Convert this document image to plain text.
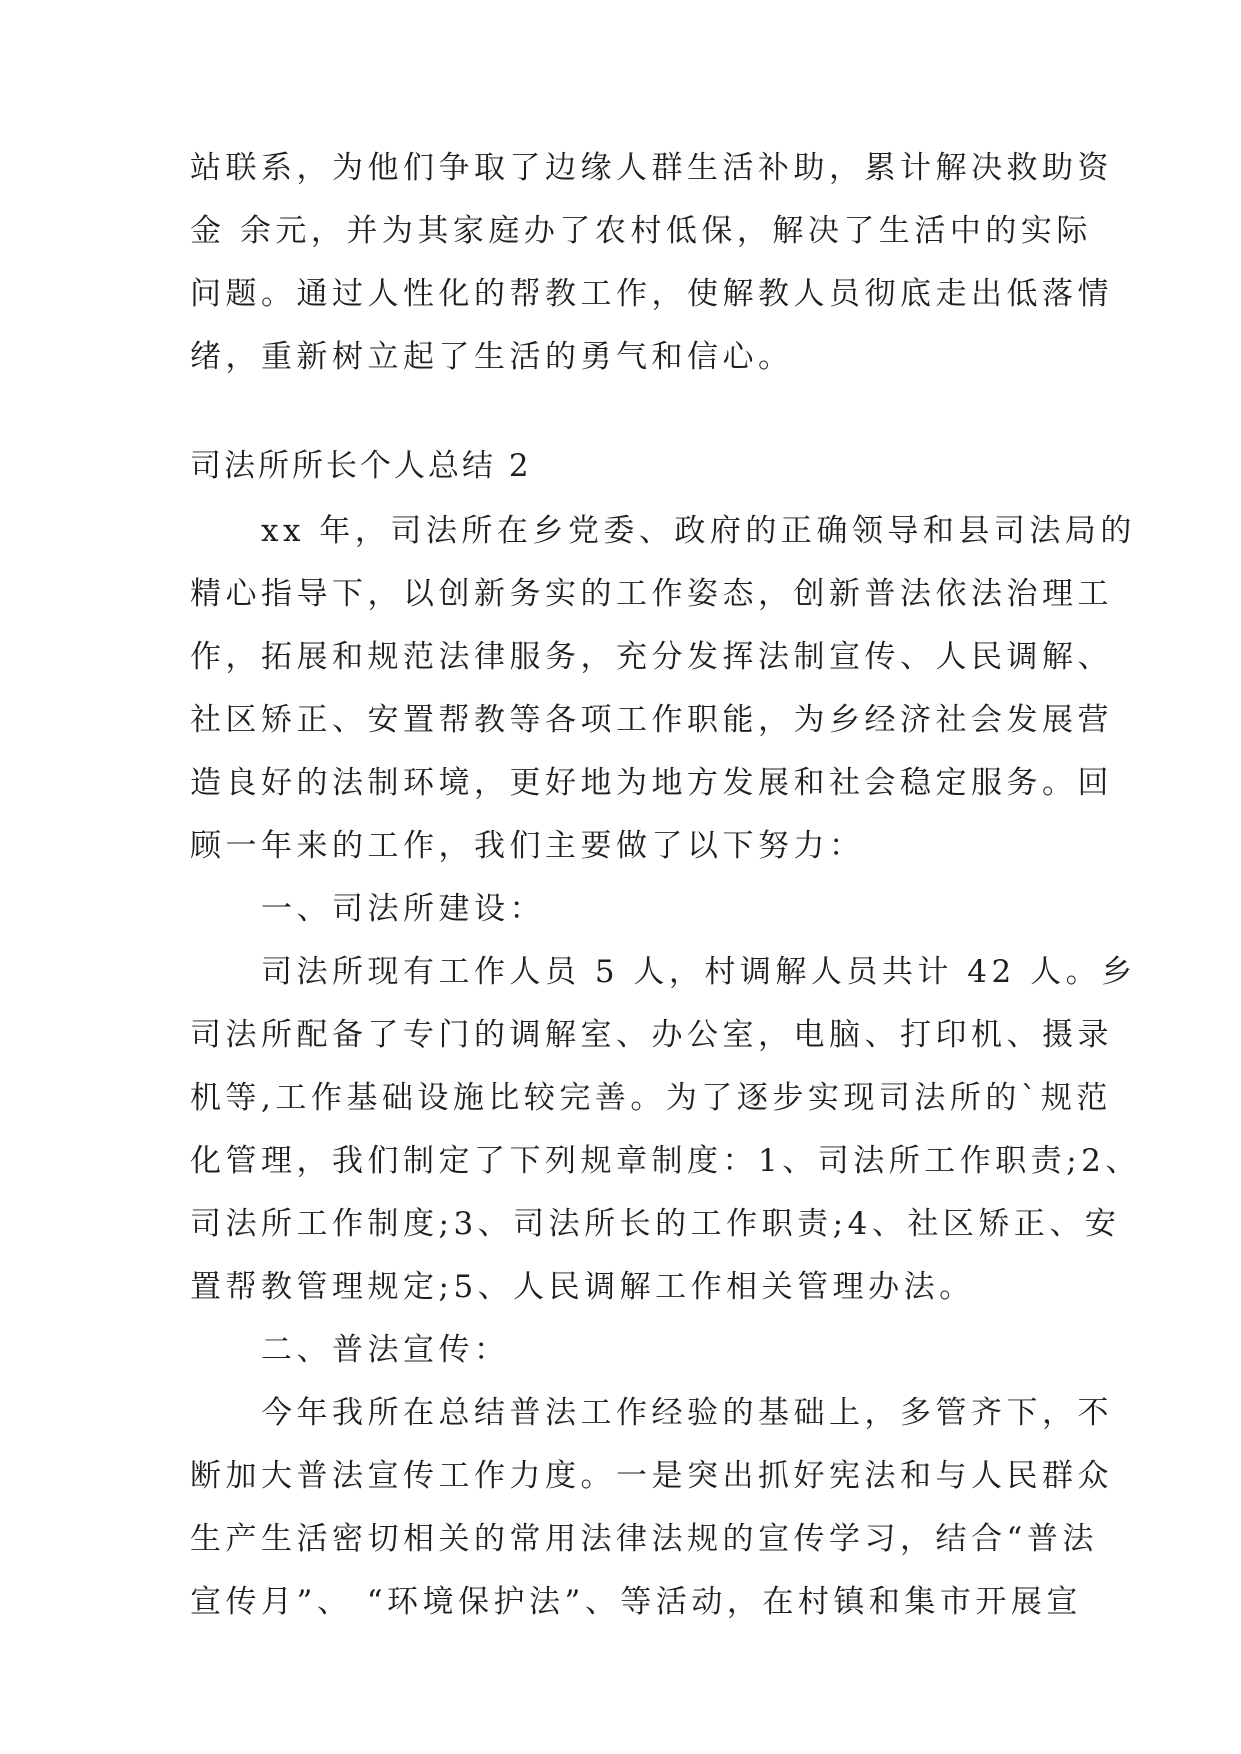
站联系，为他们争取了边缘人群生活补助，累计解决救助资
金 余元，并为其家庭办了农村低保，解决了生活中的实际
问题。通过人性化的帮教工作，使解教人员彻底走出低落情
绪，重新树立起了生活的勇气和信心。
司法所所长个人总结 2
　　xx 年，司法所在乡党委、政府的正确领导和县司法局的
精心指导下，以创新务实的工作姿态，创新普法依法治理工
作，拓展和规范法律服务，充分发挥法制宣传、人民调解、
社区矫正、安置帮教等各项工作职能，为乡经济社会发展营
造良好的法制环境，更好地为地方发展和社会稳定服务。回
顾一年来的工作，我们主要做了以下努力：
　　一、司法所建设：
　　司法所现有工作人员 5 人，村调解人员共计 42 人。乡
司法所配备了专门的调解室、办公室，电脑、打印机、摄录
机等,工作基础设施比较完善。为了逐步实现司法所的`规范
化管理，我们制定了下列规章制度：1、司法所工作职责;2、
司法所工作制度;3、司法所长的工作职责;4、社区矫正、安
置帮教管理规定;5、人民调解工作相关管理办法。
　　二、普法宣传：
　　今年我所在总结普法工作经验的基础上，多管齐下，不
断加大普法宣传工作力度。一是突出抓好宪法和与人民群众
生产生活密切相关的常用法律法规的宣传学习，结合“普法
宣传月”、 “环境保护法”、等活动，在村镇和集市开展宣
